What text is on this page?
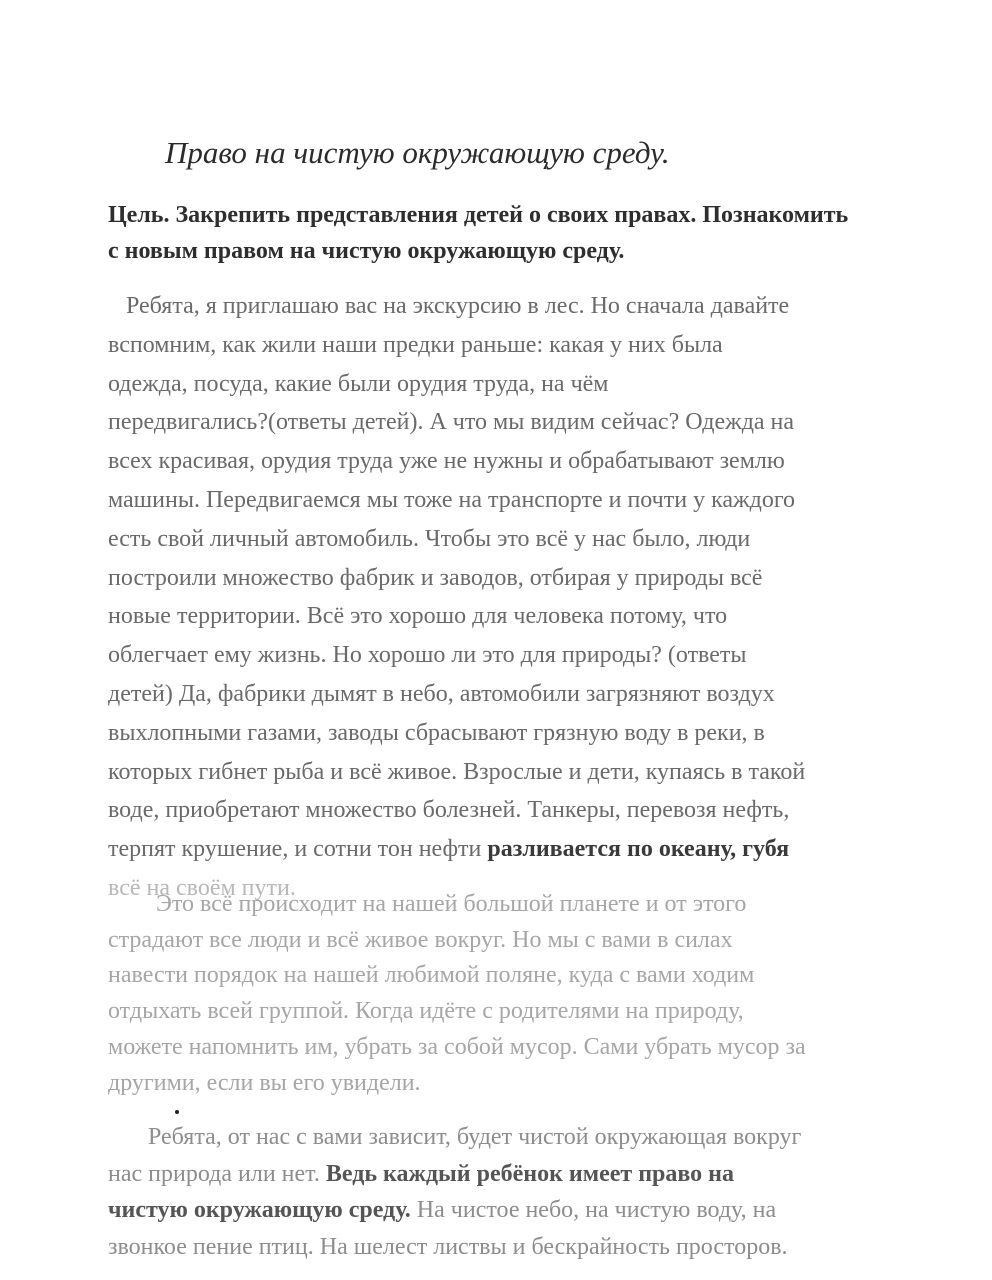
Право на чистую окружающую среду.

Цель. Закрепить представления детей о своих правах. Познакомить
с новым правом на чистую окружающую среду.

Ребята, я приглашаю вас на экскурсию в лес. Но сначала давайте
вспомним, как жили наши предки раньше: какая у них была
одежда, посуда, какие были орудия труда, на чём
передвигались?(ответы детей). А что мы видим сейчас? Одежда на
всех красивая, орудия труда уже не нужны и обрабатывают землю
машины. Передвигаемся мы тоже на транспорте и почти у каждого
есть свой личный автомобиль. Чтобы это всё у нас было, люди
построили множество фабрик и заводов, отбирая у природы всё
новые территории. Всё это хорошо для человека потому, что
облегчает ему жизнь. Но хорошо ли это для природы? (ответы
детей) Да, фабрики дымят в небо, автомобили загрязняют воздух
выхлопными газами, заводы сбрасывают грязную воду в реки, в
которых гибнет рыба и всё живое. Взрослые и дети, купаясь в такой
воде, приобретают множество болезней. Танкеры, перевозя нефть,
терпят крушение, и сотни тон нефти разливается по океану, губя
всё на своём пути.
Это всё происходит на нашей большой планете и от этого
страдают все люди и всё живое вокруг. Но мы с вами в силах
навести порядок на нашей любимой поляне, куда с вами ходим
отдыхать всей группой. Когда идёте с родителями на природу,
можете напомнить им, убрать за собой мусор. Сами убрать мусор за
другими, если вы его увидели.
Ребята, от нас с вами зависит, будет чистой окружающая вокруг
нас природа или нет. Ведь каждый ребёнок имеет право на
чистую окружающую среду. На чистое небо, на чистую воду, на
звонкое пение птиц. На шелест листвы и бескрайность просторов.
